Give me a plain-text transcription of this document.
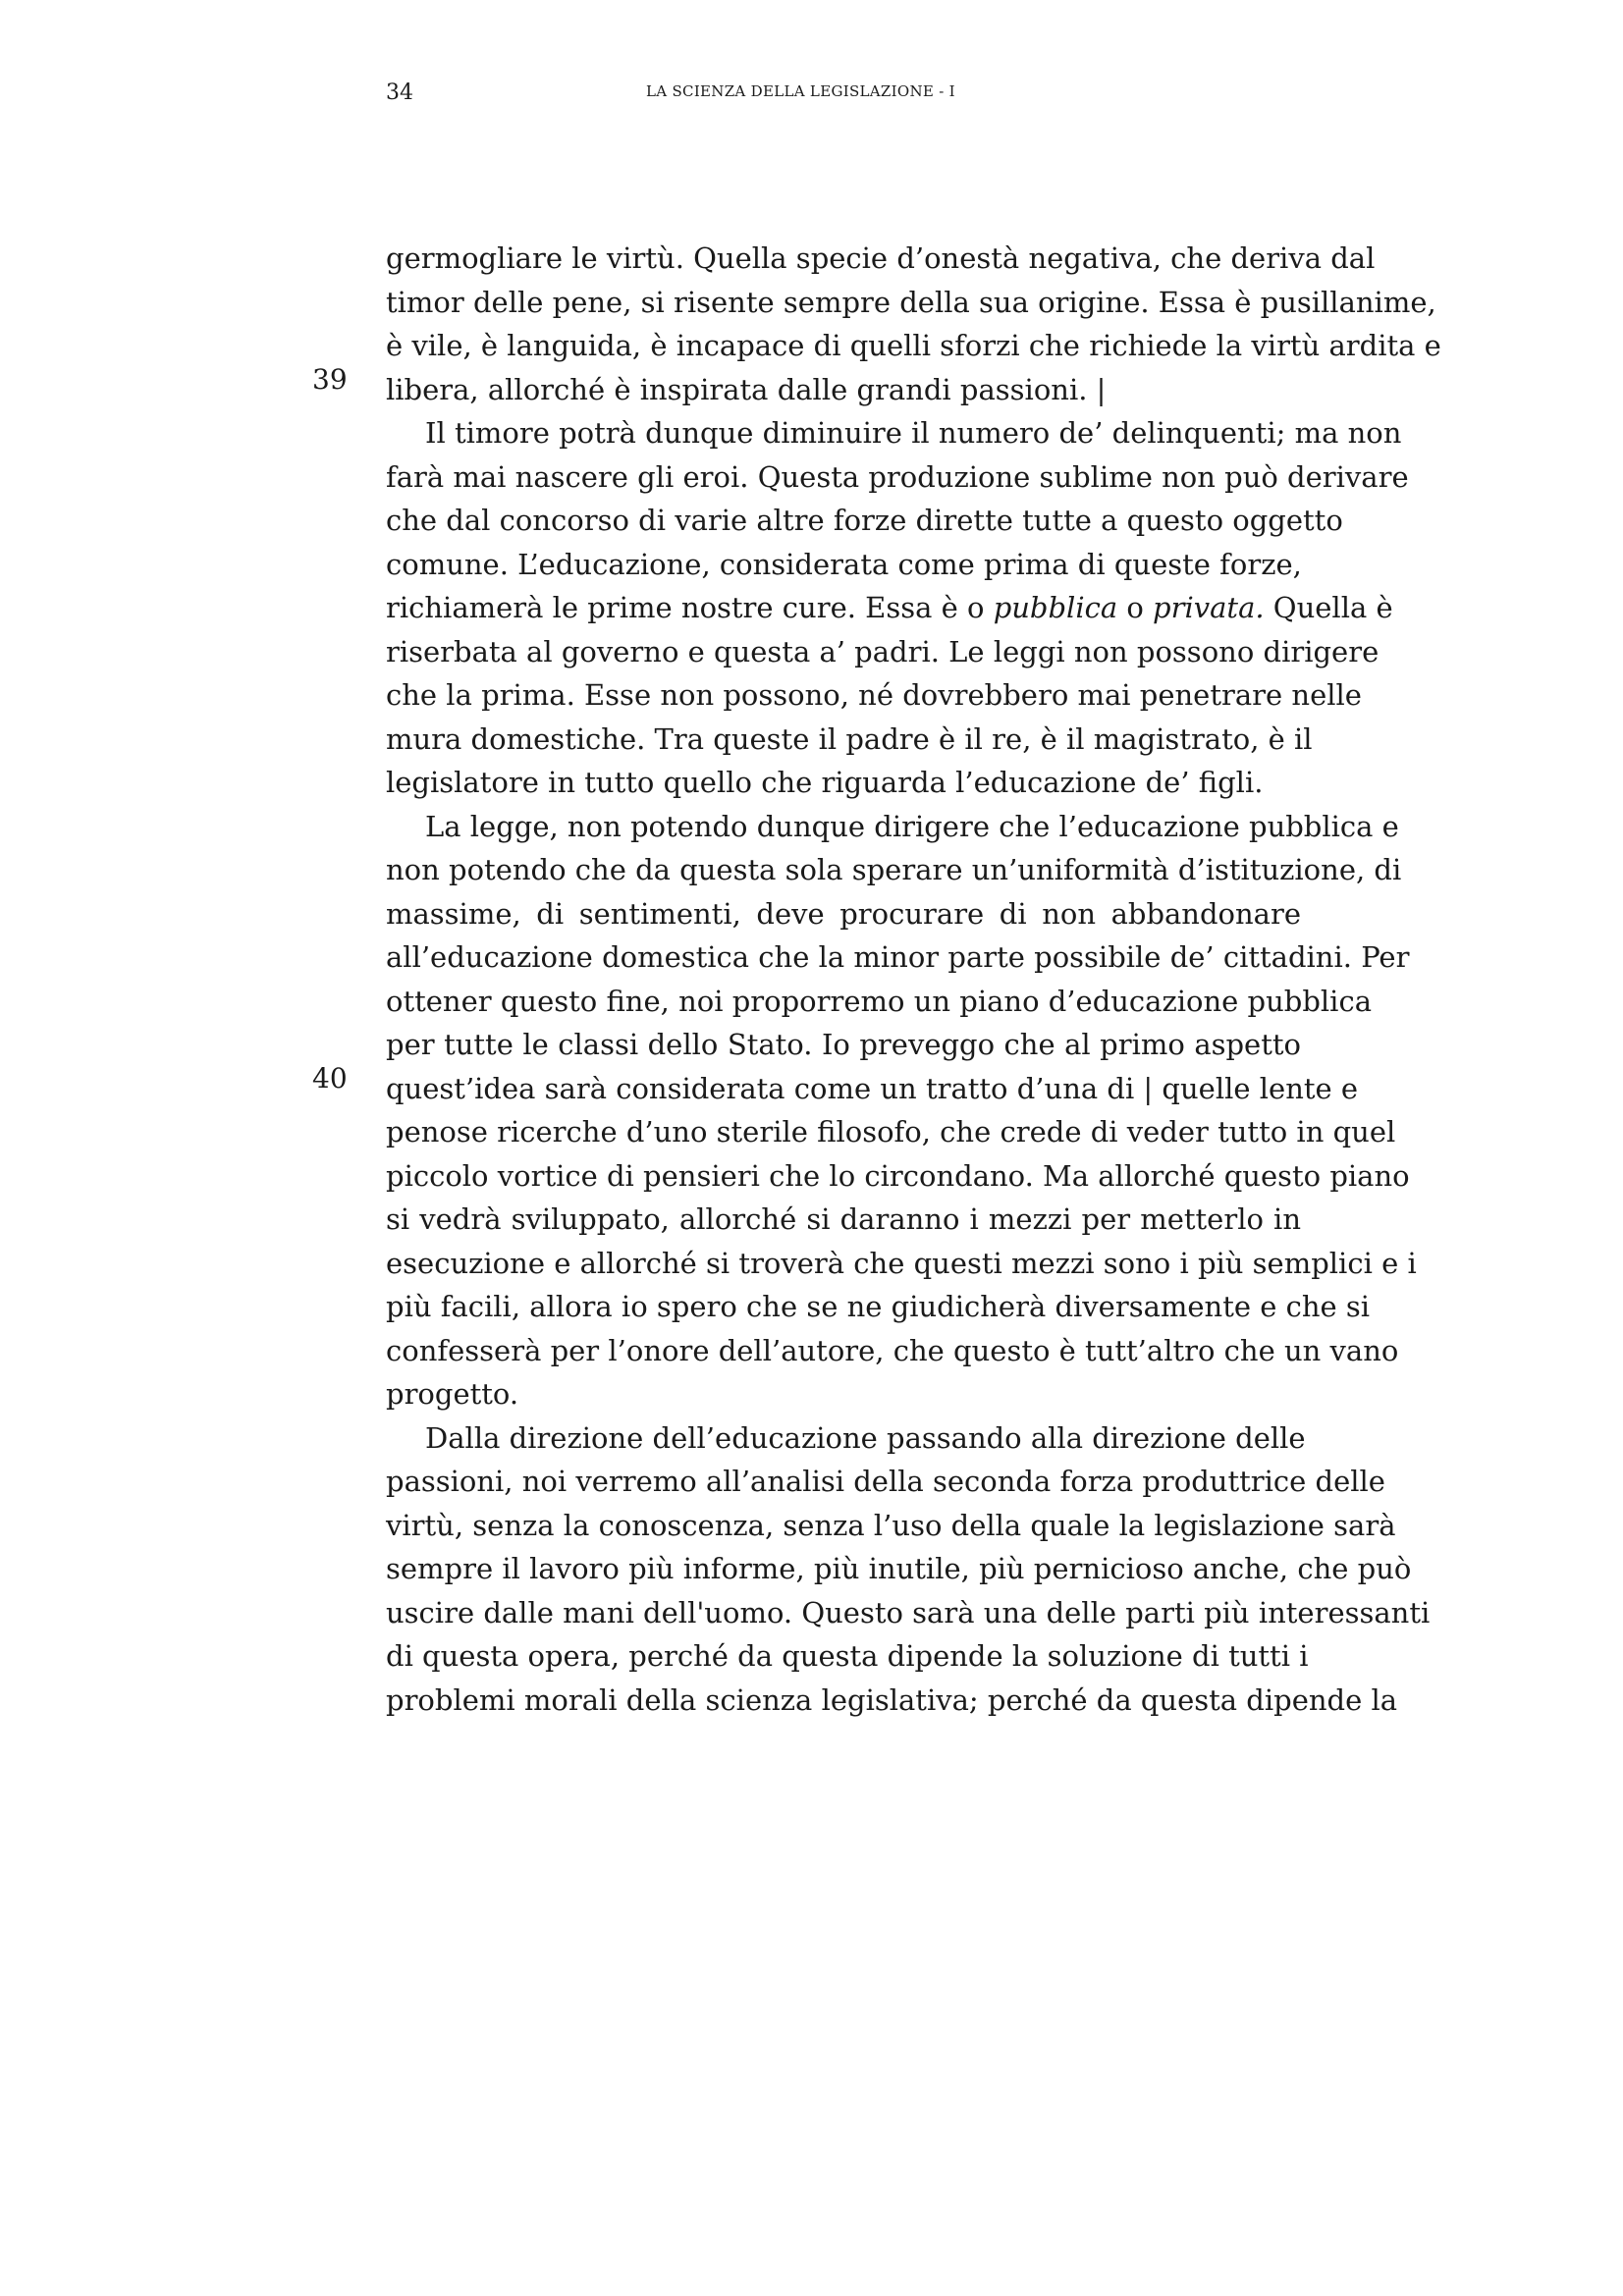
34	LA SCIENZA DELLA LEGISLAZIONE - I
39
40
germogliare le virtù. Quella specie d’onestà negativa, che deriva dal
timor delle pene, si risente sempre della sua origine. Essa è pusillanime,
è vile, è languida, è incapace di quelli sforzi che richiede la virtù ardita e
libera, allorché è inspirata dalle grandi passioni. |
Il timore potrà dunque diminuire il numero de’ delinquenti; ma non
farà mai nascere gli eroi. Questa produzione sublime non può derivare
che dal concorso di varie altre forze dirette tutte a questo oggetto
comune. L’educazione, considerata come prima di queste forze,
richiamerà le prime nostre cure. Essa è o pubblica o privata. Quella è
riserbata al governo e questa a’ padri. Le leggi non possono dirigere
che la prima. Esse non possono, né dovrebbero mai penetrare nelle
mura domestiche. Tra queste il padre è il re, è il magistrato, è il
legislatore in tutto quello che riguarda l’educazione de’ figli.
La legge, non potendo dunque dirigere che l’educazione pubblica e
non potendo che da questa sola sperare un’uniformità d’istituzione, di
massime, di sentimenti, deve procurare di non abbandonare
all’educazione domestica che la minor parte possibile de’ cittadini. Per
ottener questo fine, noi proporremo un piano d’educazione pubblica
per tutte le classi dello Stato. Io preveggo che al primo aspetto
quest’idea sarà considerata come un tratto d’una di | quelle lente e
penose ricerche d’uno sterile filosofo, che crede di veder tutto in quel
piccolo vortice di pensieri che lo circondano. Ma allorché questo piano
si vedrà sviluppato, allorché si daranno i mezzi per metterlo in
esecuzione e allorché si troverà che questi mezzi sono i più semplici e i
più facili, allora io spero che se ne giudicherà diversamente e che si
confesserà per l’onore dell’autore, che questo è tutt’altro che un vano
progetto.
Dalla direzione dell’educazione passando alla direzione delle
passioni, noi verremo all’analisi della seconda forza produttrice delle
virtù, senza la conoscenza, senza l’uso della quale la legislazione sarà
sempre il lavoro più informe, più inutile, più pernicioso anche, che può
uscire dalle mani dell'uomo. Questo sarà una delle parti più interessanti
di questa opera, perché da questa dipende la soluzione di tutti i
problemi morali della scienza legislativa; perché da questa dipende la
